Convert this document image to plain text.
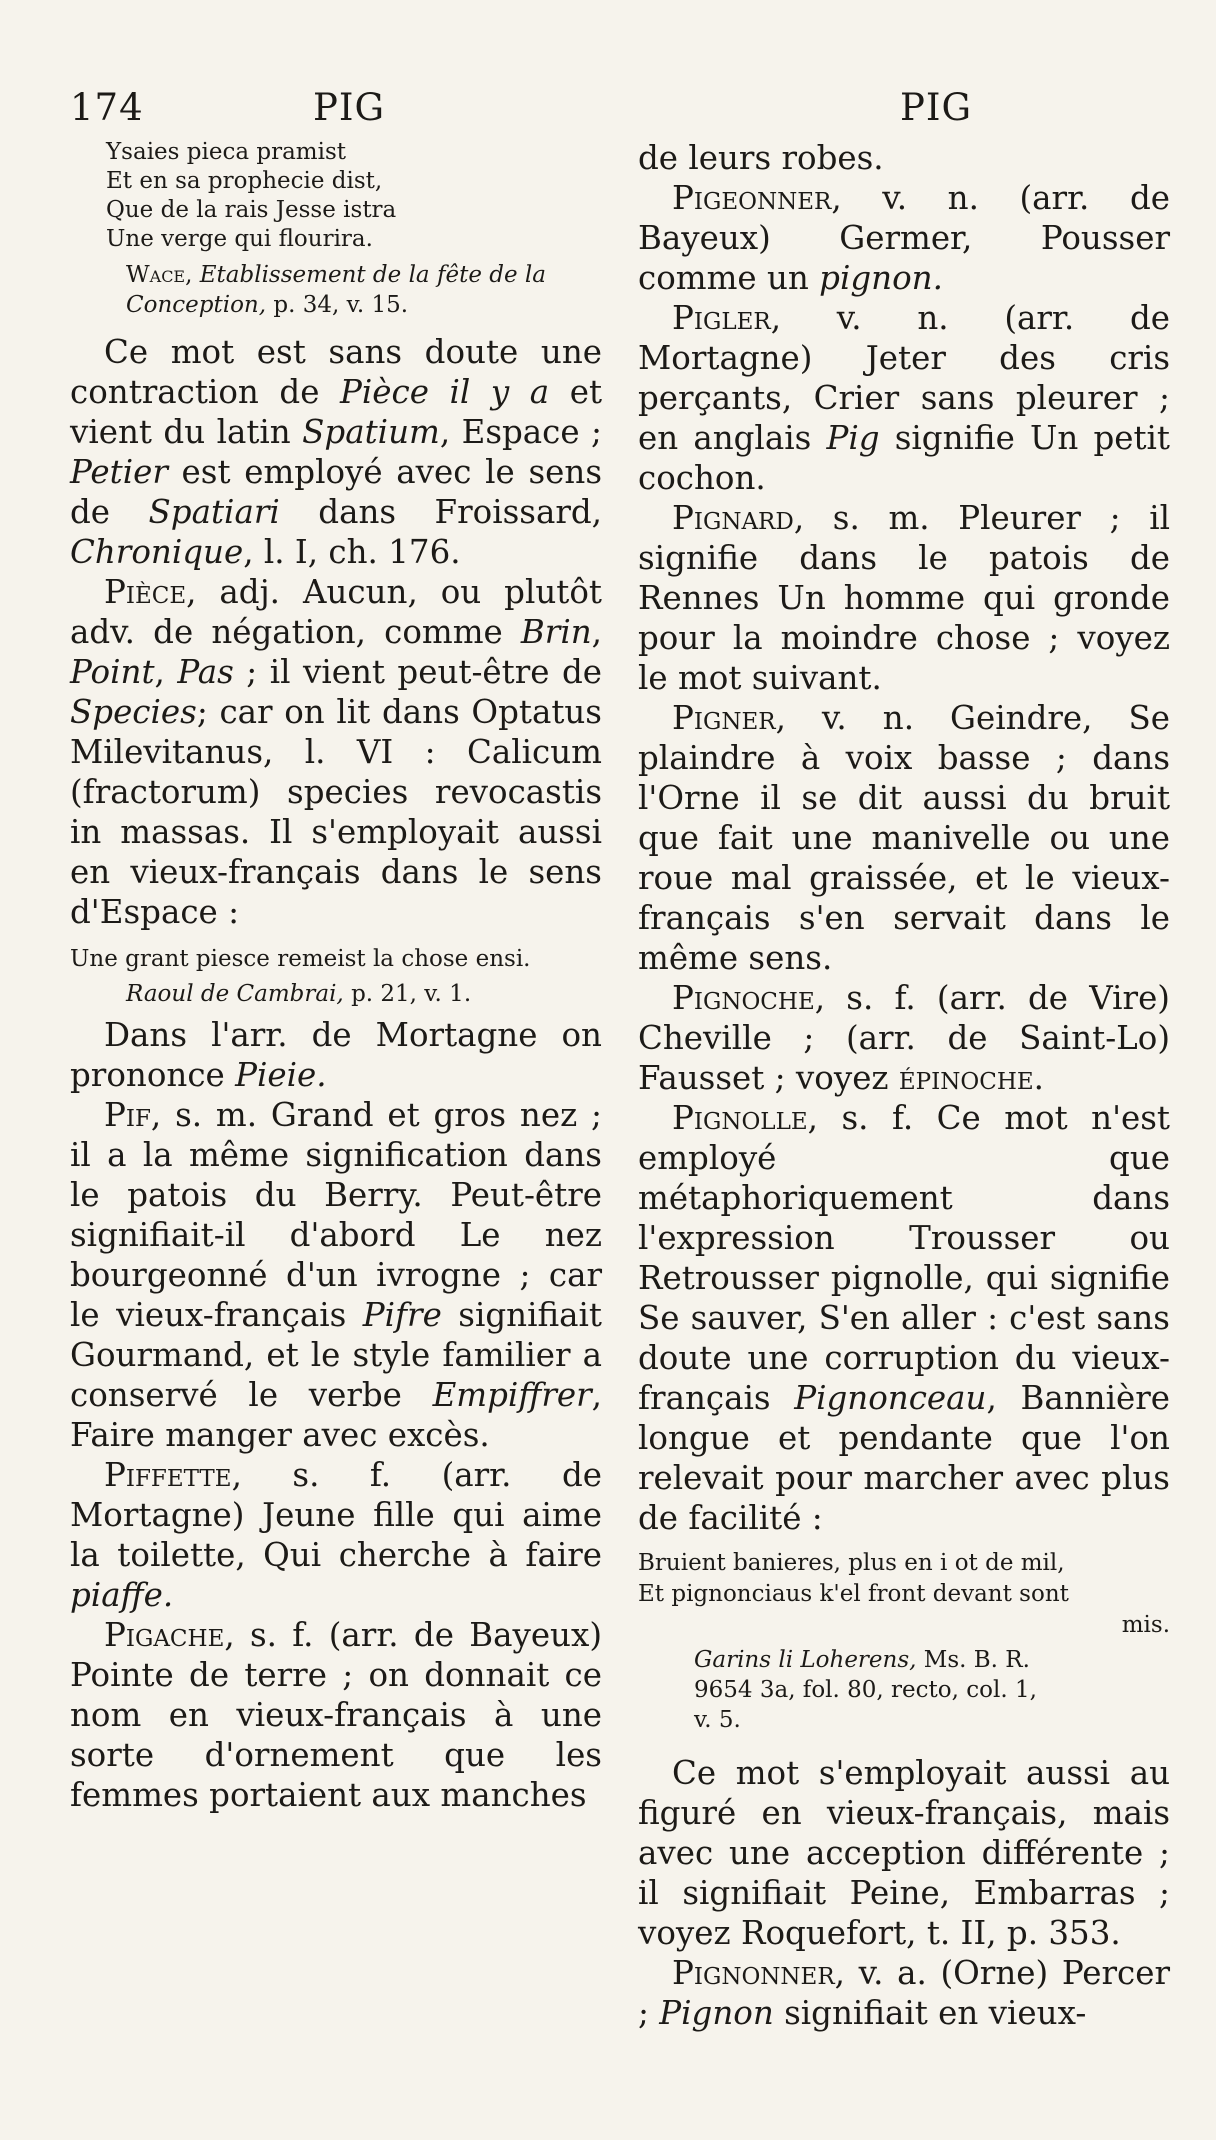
174	PIG	PIG
Ysaies pieca pramist
Et en sa prophecie dist,
Que de la rais Jesse istra
Une verge qui flourira.
Wace, Etablissement de la fête de la Conception, p. 34, v. 15.

Ce mot est sans doute une contraction de Pièce il y a et vient du latin Spatium, Espace ; Petier est employé avec le sens de Spatiari dans Froissard, Chronique, l. I, ch. 176.

Pièce, adj. Aucun, ou plutôt adv. de négation, comme Brin, Point, Pas ; il vient peut-être de Species; car on lit dans Optatus Milevitanus, l. VI : Calicum (fractorum) species revocastis in massas. Il s'employait aussi en vieux-français dans le sens d'Espace :

Une grant piesce remeist la chose ensi.
Raoul de Cambrai, p. 21, v. 1.

Dans l'arr. de Mortagne on prononce Pieie.

Pif, s. m. Grand et gros nez ; il a la même signification dans le patois du Berry. Peut-être signifiait-il d'abord Le nez bourgeonné d'un ivrogne ; car le vieux-français Pifre signifiait Gourmand, et le style familier a conservé le verbe Empiffrer, Faire manger avec excès.

Piffette, s. f. (arr. de Mortagne) Jeune fille qui aime la toilette, Qui cherche à faire piaffe.

Pigache, s. f. (arr. de Bayeux) Pointe de terre ; on donnait ce nom en vieux-français à une sorte d'ornement que les femmes portaient aux manches

de leurs robes.

Pigeonner, v. n. (arr. de Bayeux) Germer, Pousser comme un pignon.

Pigler, v. n. (arr. de Mortagne) Jeter des cris perçants, Crier sans pleurer ; en anglais Pig signifie Un petit cochon.

Pignard, s. m. Pleurer ; il signifie dans le patois de Rennes Un homme qui gronde pour la moindre chose ; voyez le mot suivant.

Pigner, v. n. Geindre, Se plaindre à voix basse ; dans l'Orne il se dit aussi du bruit que fait une manivelle ou une roue mal graissée, et le vieux-français s'en servait dans le même sens.

Pignoche, s. f. (arr. de Vire) Cheville ; (arr. de Saint-Lo) Fausset ; voyez épinoche.

Pignolle, s. f. Ce mot n'est employé que métaphoriquement dans l'expression Trousser ou Retrousser pignolle, qui signifie Se sauver, S'en aller : c'est sans doute une corruption du vieux-français Pignonceau, Bannière longue et pendante que l'on relevait pour marcher avec plus de facilité :

Bruient banieres, plus en i ot de mil,
Et pignonciaus k'el front devant sont
mis.
Garins li Loherens, Ms. B. R.
9654 3a, fol. 80, recto, col. 1,
v. 5.

Ce mot s'employait aussi au figuré en vieux-français, mais avec une acception différente ; il signifiait Peine, Embarras ; voyez Roquefort, t. II, p. 353.

Pignonner, v. a. (Orne) Percer ; Pignon signifiait en vieux-
